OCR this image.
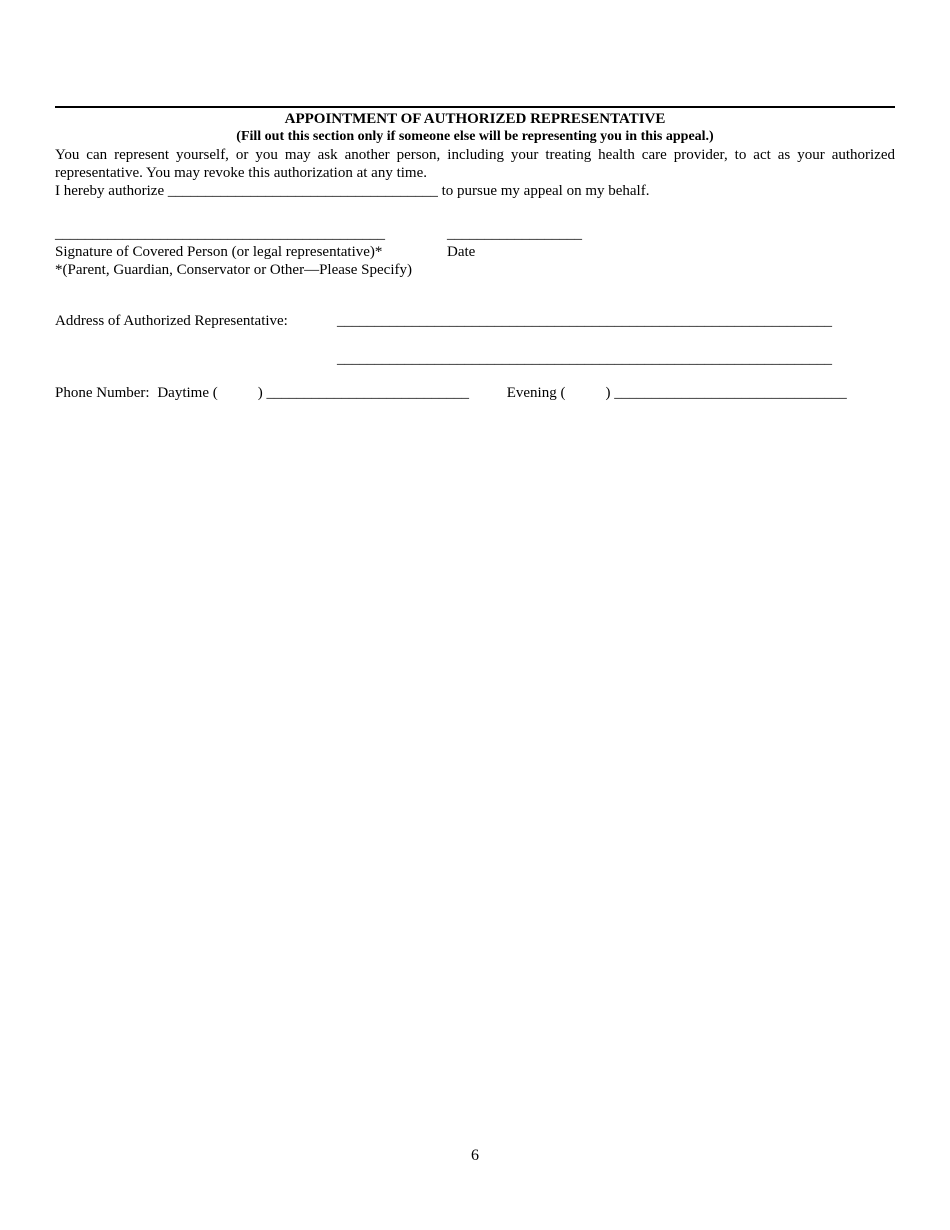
APPOINTMENT OF AUTHORIZED REPRESENTATIVE
(Fill out this section only if someone else will be representing you in this appeal.)

You can represent yourself, or you may ask another person, including your treating health care provider, to act as your authorized representative. You may revoke this authorization at any time.

I hereby authorize ____________________________________ to pursue my appeal on my behalf.

____________________________________________	__________________
Signature of Covered Person (or legal representative)*	Date
*(Parent, Guardian, Conservator or Other—Please Specify)
Address of Authorized Representative:	__________________________________________________________________
__________________________________________________________________
Phone Number: Daytime (	) ___________________________	Evening (	) _______________________________
6
